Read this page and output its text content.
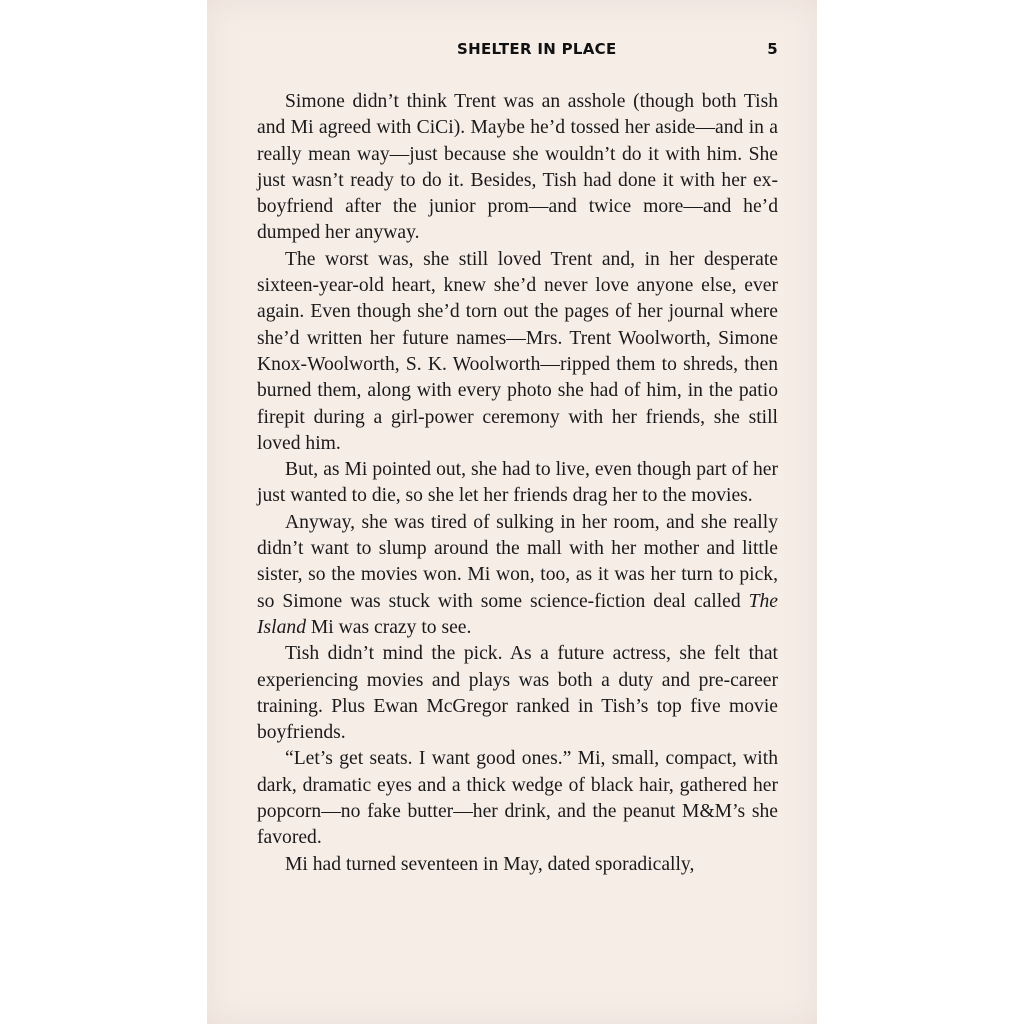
SHELTER IN PLACE	5

Simone didn’t think Trent was an asshole (though both Tish and Mi agreed with CiCi). Maybe he’d tossed her aside—and in a really mean way—just because she wouldn’t do it with him. She just wasn’t ready to do it. Besides, Tish had done it with her ex-boyfriend after the junior prom—and twice more—and he’d dumped her anyway.

The worst was, she still loved Trent and, in her desperate sixteen-year-old heart, knew she’d never love anyone else, ever again. Even though she’d torn out the pages of her journal where she’d written her future names—Mrs. Trent Woolworth, Simone Knox-Woolworth, S. K. Woolworth—ripped them to shreds, then burned them, along with every photo she had of him, in the patio firepit during a girl-power ceremony with her friends, she still loved him.

But, as Mi pointed out, she had to live, even though part of her just wanted to die, so she let her friends drag her to the movies.

Anyway, she was tired of sulking in her room, and she really didn’t want to slump around the mall with her mother and little sister, so the movies won. Mi won, too, as it was her turn to pick, so Simone was stuck with some science-fiction deal called The Island Mi was crazy to see.

Tish didn’t mind the pick. As a future actress, she felt that experiencing movies and plays was both a duty and pre-career training. Plus Ewan McGregor ranked in Tish’s top five movie boyfriends.

“Let’s get seats. I want good ones.” Mi, small, compact, with dark, dramatic eyes and a thick wedge of black hair, gathered her popcorn—no fake butter—her drink, and the peanut M&M’s she favored.

Mi had turned seventeen in May, dated sporadically,
